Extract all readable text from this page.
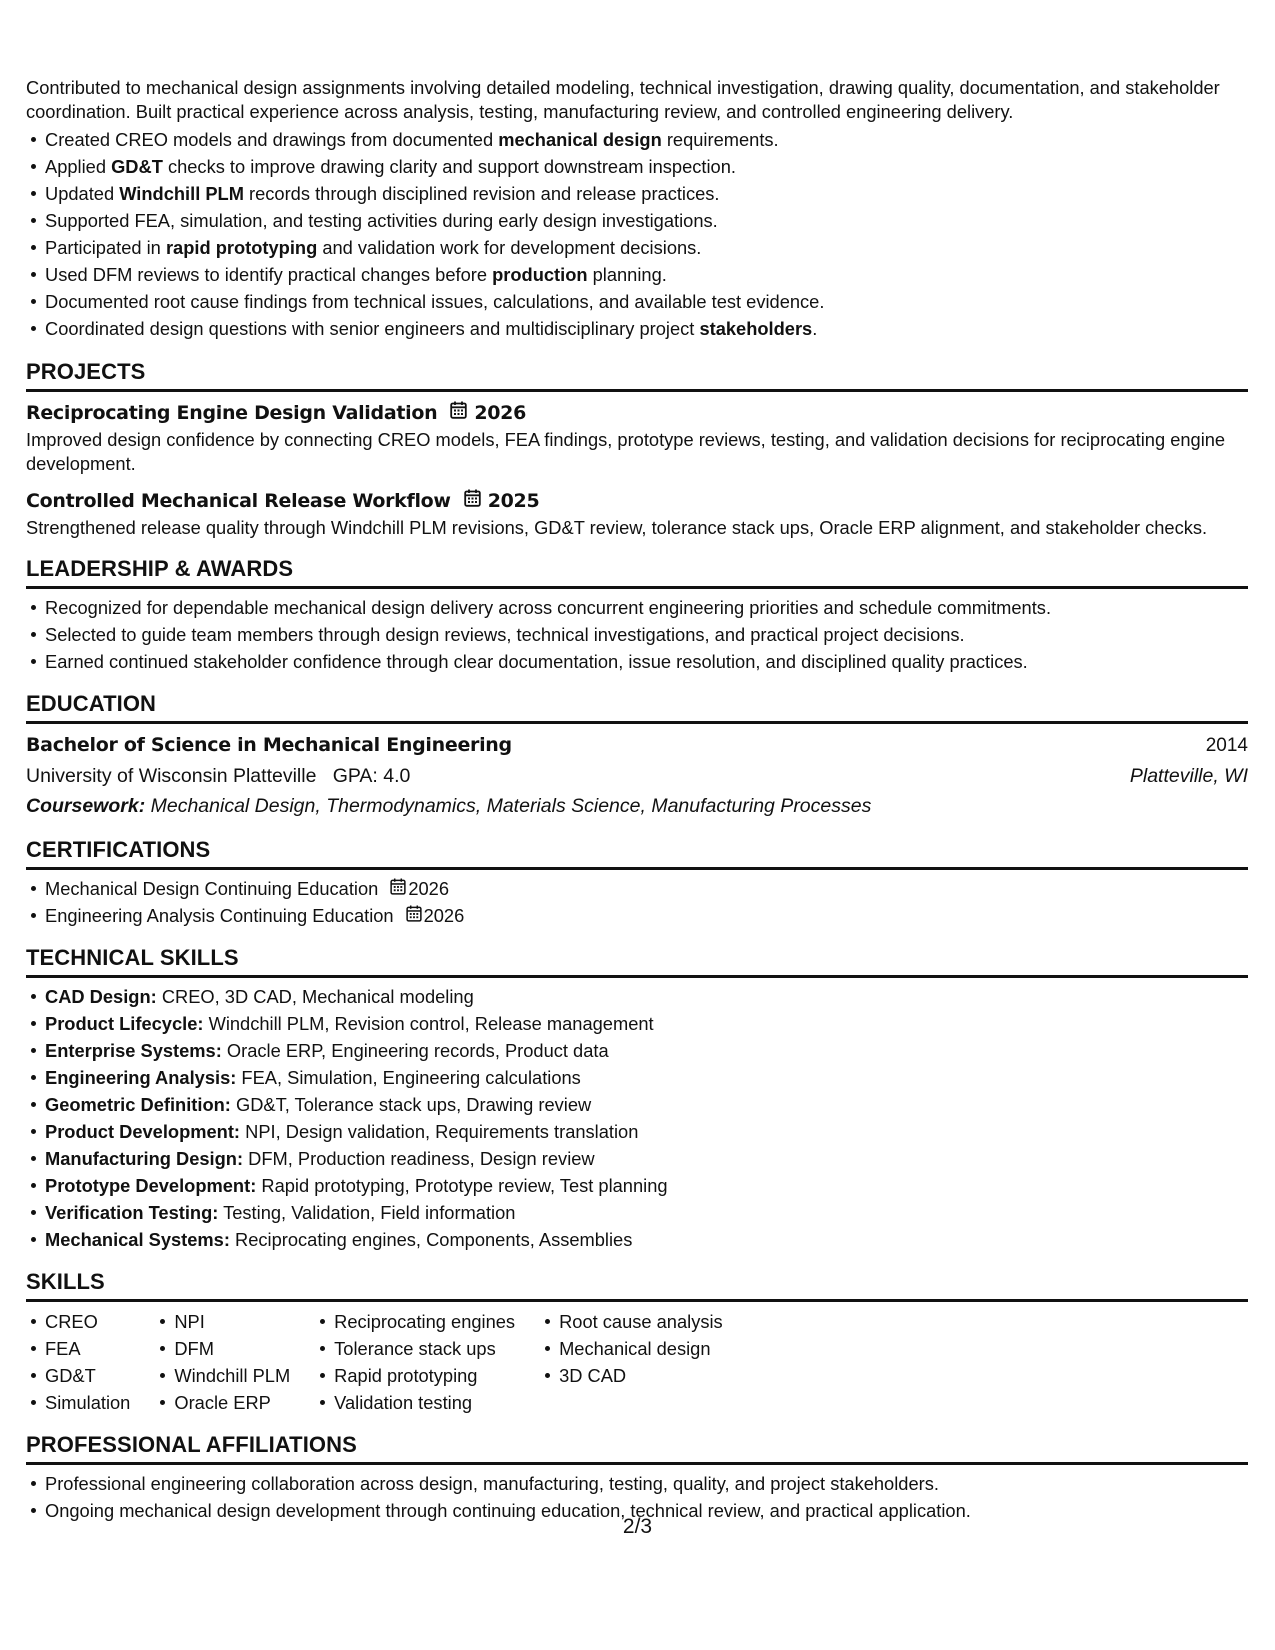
Contributed to mechanical design assignments involving detailed modeling, technical investigation, drawing quality, documentation, and stakeholder coordination. Built practical experience across analysis, testing, manufacturing review, and controlled engineering delivery.

Created CREO models and drawings from documented mechanical design requirements.
Applied GD&T checks to improve drawing clarity and support downstream inspection.
Updated Windchill PLM records through disciplined revision and release practices.
Supported FEA, simulation, and testing activities during early design investigations.
Participated in rapid prototyping and validation work for development decisions.
Used DFM reviews to identify practical changes before production planning.
Documented root cause findings from technical issues, calculations, and available test evidence.
Coordinated design questions with senior engineers and multidisciplinary project stakeholders.
PROJECTS
Reciprocating Engine Design Validation 2026
Improved design confidence by connecting CREO models, FEA findings, prototype reviews, testing, and validation decisions for reciprocating engine development.
Controlled Mechanical Release Workflow 2025
Strengthened release quality through Windchill PLM revisions, GD&T review, tolerance stack ups, Oracle ERP alignment, and stakeholder checks.
LEADERSHIP & AWARDS
Recognized for dependable mechanical design delivery across concurrent engineering priorities and schedule commitments.
Selected to guide team members through design reviews, technical investigations, and practical project decisions.
Earned continued stakeholder confidence through clear documentation, issue resolution, and disciplined quality practices.
EDUCATION
Bachelor of Science in Mechanical Engineering	2014
University of Wisconsin Platteville GPA: 4.0	Platteville, WI
Coursework: Mechanical Design, Thermodynamics, Materials Science, Manufacturing Processes
CERTIFICATIONS
Mechanical Design Continuing Education 2026
Engineering Analysis Continuing Education 2026
TECHNICAL SKILLS
CAD Design: CREO, 3D CAD, Mechanical modeling
Product Lifecycle: Windchill PLM, Revision control, Release management
Enterprise Systems: Oracle ERP, Engineering records, Product data
Engineering Analysis: FEA, Simulation, Engineering calculations
Geometric Definition: GD&T, Tolerance stack ups, Drawing review
Product Development: NPI, Design validation, Requirements translation
Manufacturing Design: DFM, Production readiness, Design review
Prototype Development: Rapid prototyping, Prototype review, Test planning
Verification Testing: Testing, Validation, Field information
Mechanical Systems: Reciprocating engines, Components, Assemblies
SKILLS
CREO
FEA
GD&T
Simulation
NPI
DFM
Windchill PLM
Oracle ERP
Reciprocating engines
Tolerance stack ups
Rapid prototyping
Validation testing
Root cause analysis
Mechanical design
3D CAD
PROFESSIONAL AFFILIATIONS
Professional engineering collaboration across design, manufacturing, testing, quality, and project stakeholders.
Ongoing mechanical design development through continuing education, technical review, and practical application.
2/3
